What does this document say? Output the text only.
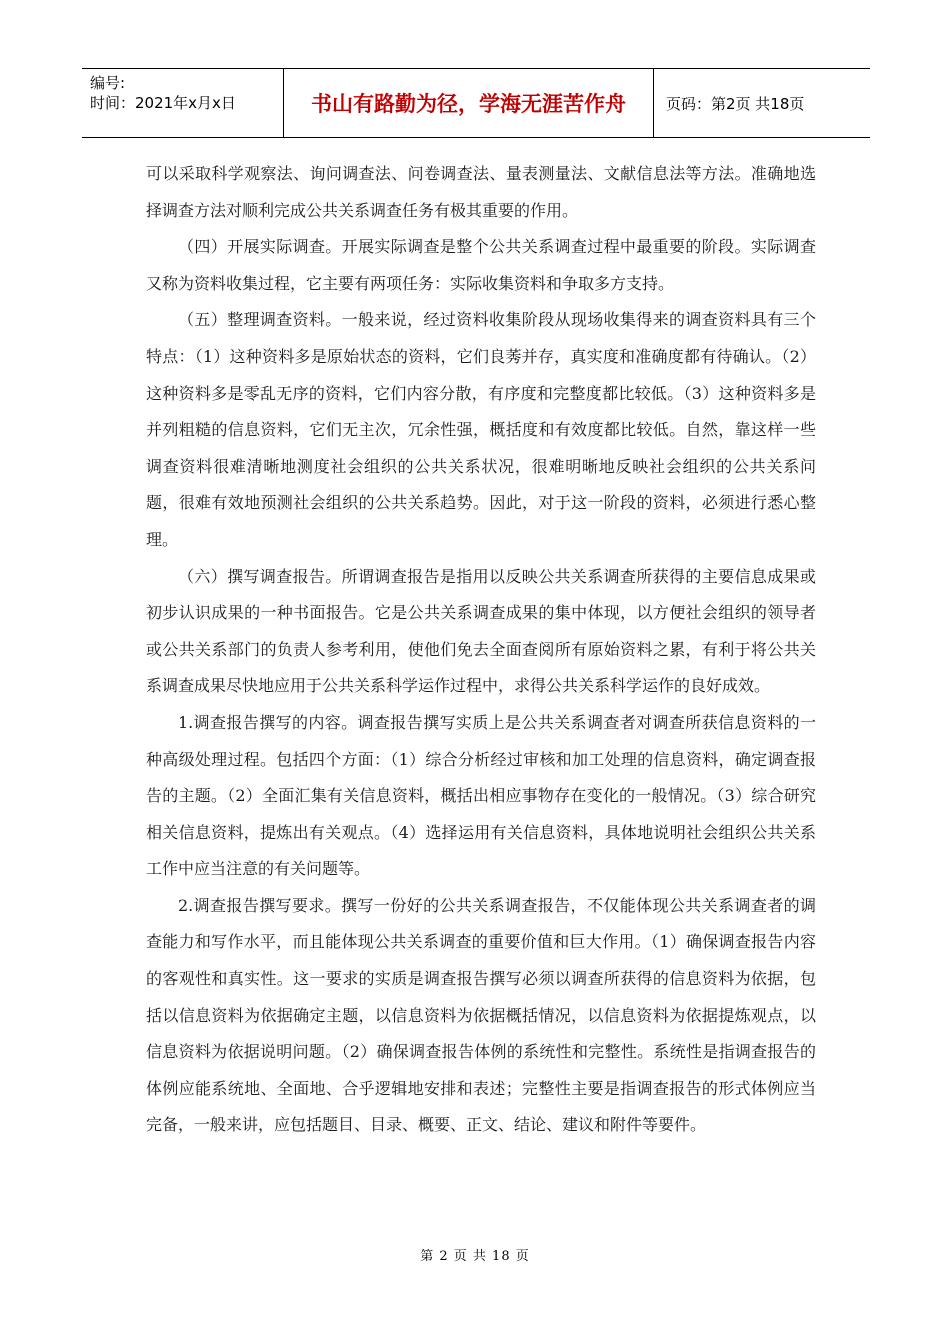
编号:
时间：2021年x月x日	书山有路勤为径，学海无涯苦作舟	页码：第2页 共18页

可以采取科学观察法、询问调查法、问卷调查法、量表测量法、文献信息法等方法。准确地选择调查方法对顺利完成公共关系调查任务有极其重要的作用。

（四）开展实际调查。开展实际调查是整个公共关系调查过程中最重要的阶段。实际调查又称为资料收集过程，它主要有两项任务：实际收集资料和争取多方支持。

（五）整理调查资料。一般来说，经过资料收集阶段从现场收集得来的调查资料具有三个特点：（1）这种资料多是原始状态的资料，它们良莠并存，真实度和准确度都有待确认。（2）这种资料多是零乱无序的资料，它们内容分散，有序度和完整度都比较低。（3）这种资料多是并列粗糙的信息资料，它们无主次，冗余性强，概括度和有效度都比较低。自然，靠这样一些调查资料很难清晰地测度社会组织的公共关系状况，很难明晰地反映社会组织的公共关系问题，很难有效地预测社会组织的公共关系趋势。因此，对于这一阶段的资料，必须进行悉心整理。

（六）撰写调查报告。所谓调查报告是指用以反映公共关系调查所获得的主要信息成果或初步认识成果的一种书面报告。它是公共关系调查成果的集中体现，以方便社会组织的领导者或公共关系部门的负责人参考利用，使他们免去全面查阅所有原始资料之累，有利于将公共关系调查成果尽快地应用于公共关系科学运作过程中，求得公共关系科学运作的良好成效。

1.调查报告撰写的内容。调查报告撰写实质上是公共关系调查者对调查所获信息资料的一种高级处理过程。包括四个方面：（1）综合分析经过审核和加工处理的信息资料，确定调查报告的主题。（2）全面汇集有关信息资料，概括出相应事物存在变化的一般情况。（3）综合研究相关信息资料，提炼出有关观点。（4）选择运用有关信息资料，具体地说明社会组织公共关系工作中应当注意的有关问题等。

2.调查报告撰写要求。撰写一份好的公共关系调查报告，不仅能体现公共关系调查者的调查能力和写作水平，而且能体现公共关系调查的重要价值和巨大作用。（1）确保调查报告内容的客观性和真实性。这一要求的实质是调查报告撰写必须以调查所获得的信息资料为依据，包括以信息资料为依据确定主题，以信息资料为依据概括情况，以信息资料为依据提炼观点，以信息资料为依据说明问题。（2）确保调查报告体例的系统性和完整性。系统性是指调查报告的体例应能系统地、全面地、合乎逻辑地安排和表述；完整性主要是指调查报告的形式体例应当完备，一般来讲，应包括题目、目录、概要、正文、结论、建议和附件等要件。

第 2 页 共 18 页
